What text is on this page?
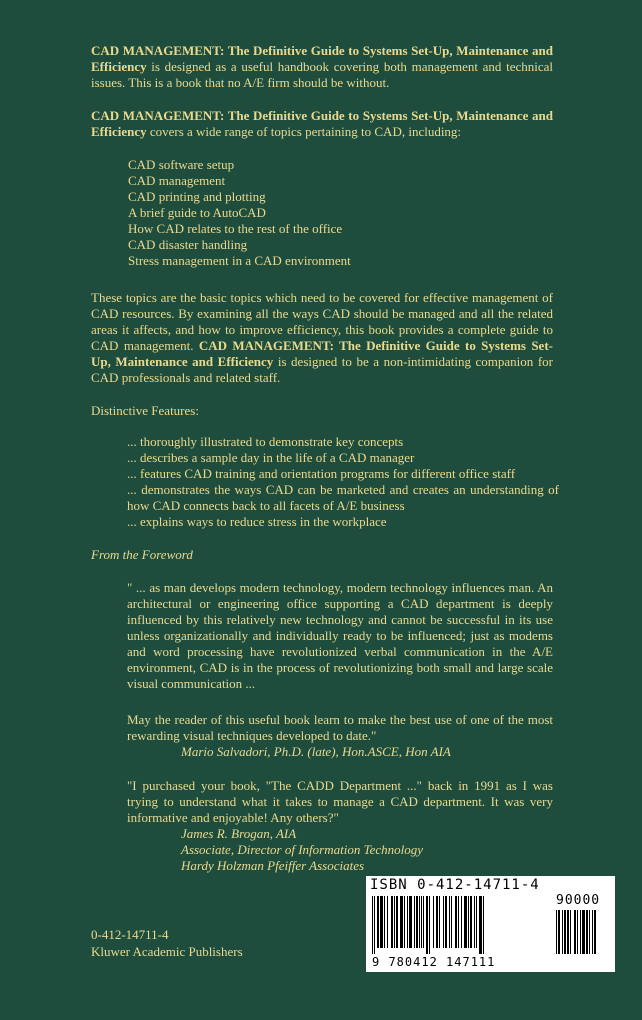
CAD MANAGEMENT: The Definitive Guide to Systems Set-Up, Maintenance and Efficiency is designed as a useful handbook covering both management and technical issues. This is a book that no A/E firm should be without.

CAD MANAGEMENT: The Definitive Guide to Systems Set-Up, Maintenance and Efficiency covers a wide range of topics pertaining to CAD, including:

CAD software setup
CAD management
CAD printing and plotting
A brief guide to AutoCAD
How CAD relates to the rest of the office
CAD disaster handling
Stress management in a CAD environment

These topics are the basic topics which need to be covered for effective management of CAD resources. By examining all the ways CAD should be managed and all the related areas it affects, and how to improve efficiency, this book provides a complete guide to CAD management. CAD MANAGEMENT: The Definitive Guide to Systems Set-Up, Maintenance and Efficiency is designed to be a non-intimidating companion for CAD professionals and related staff.

Distinctive Features:

... thoroughly illustrated to demonstrate key concepts
... describes a sample day in the life of a CAD manager
... features CAD training and orientation programs for different office staff
... demonstrates the ways CAD can be marketed and creates an understanding of how CAD connects back to all facets of A/E business
... explains ways to reduce stress in the workplace

From the Foreword

" ... as man develops modern technology, modern technology influences man. An architectural or engineering office supporting a CAD department is deeply influenced by this relatively new technology and cannot be successful in its use unless organizationally and individually ready to be influenced; just as modems and word processing have revolutionized verbal communication in the A/E environment, CAD is in the process of revolutionizing both small and large scale visual communication ...

May the reader of this useful book learn to make the best use of one of the most rewarding visual techniques developed to date."

Mario Salvadori, Ph.D. (late), Hon.ASCE, Hon AIA

"I purchased your book, "The CADD Department ..." back in 1991 as I was trying to understand what it takes to manage a CAD department. It was very informative and enjoyable! Any others?"

James R. Brogan, AIA
Associate, Director of Information Technology
Hardy Holzman Pfeiffer Associates
0-412-14711-4
Kluwer Academic Publishers
ISBN 0-412-14711-4
90000
9 780412 147111
